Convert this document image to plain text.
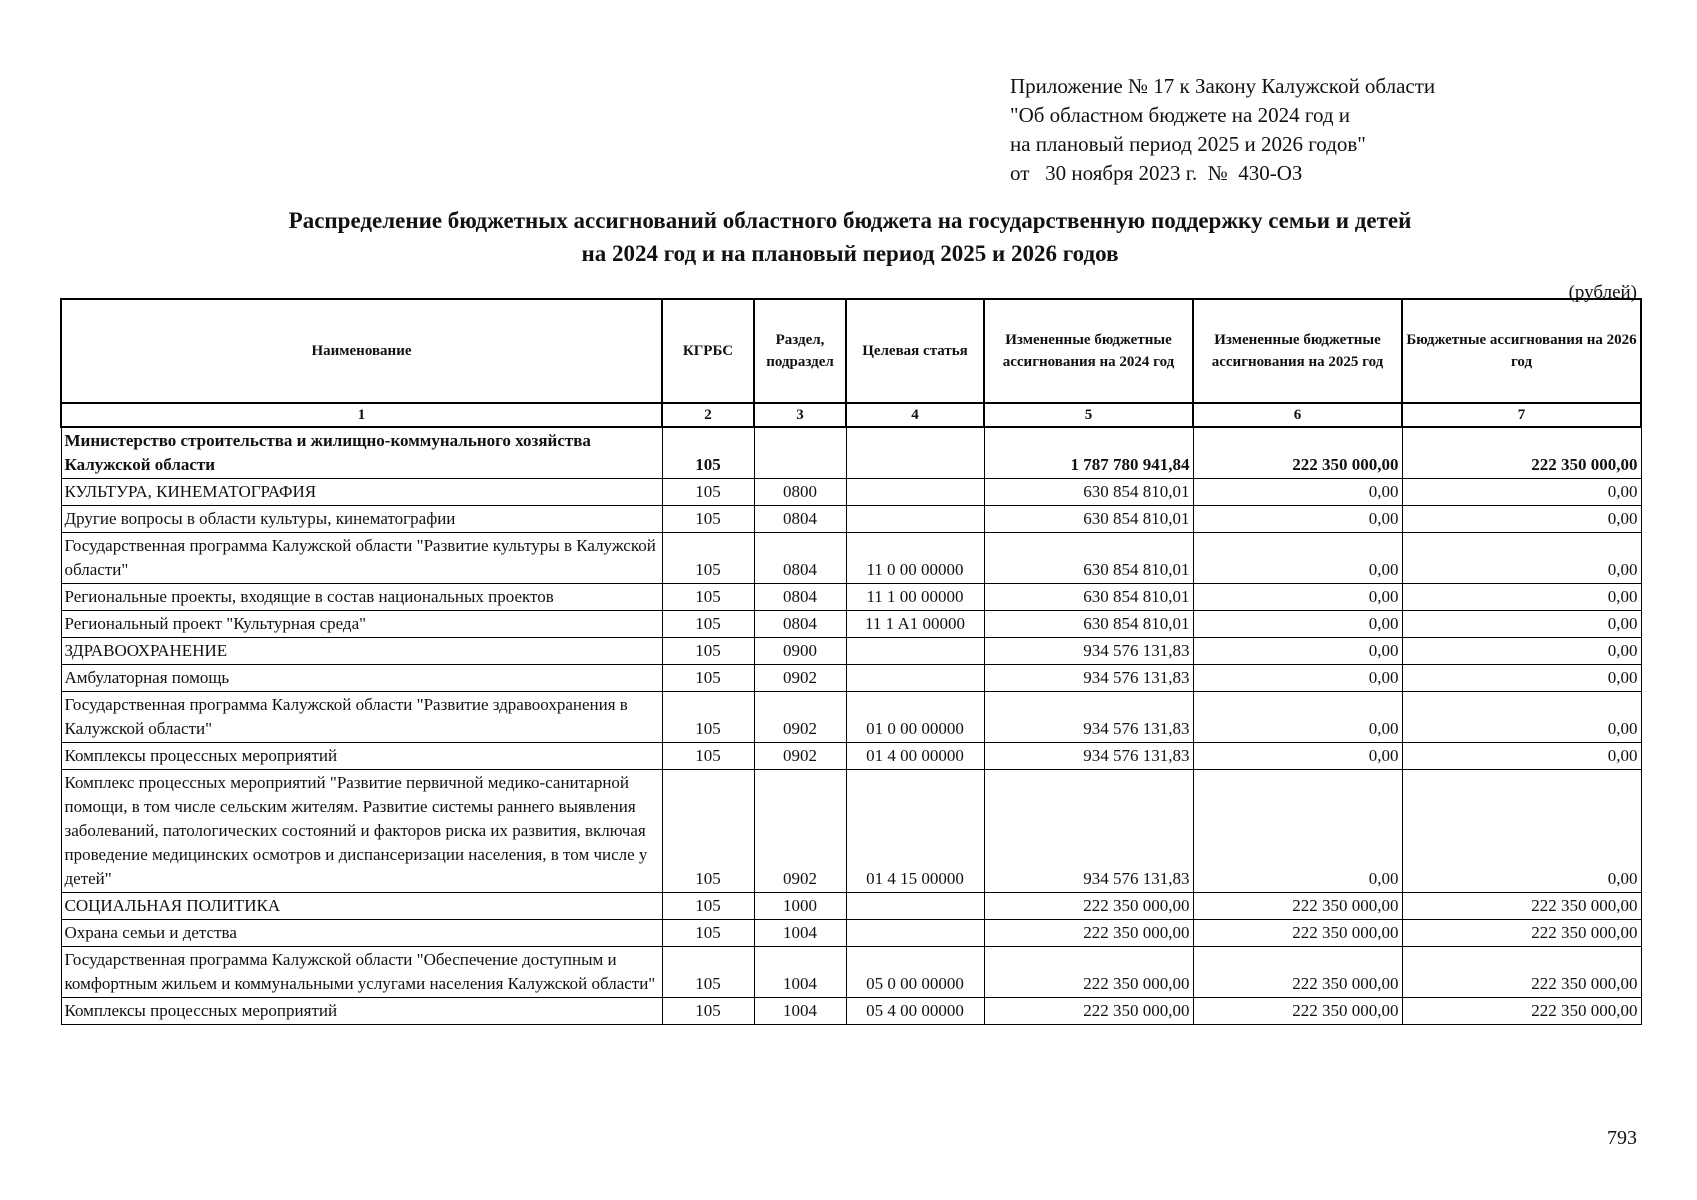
Приложение № 17 к Закону Калужской области
"Об областном бюджете на 2024 год и
на плановый период 2025 и 2026 годов"
от   30 ноября 2023 г.  №  430-ОЗ
Распределение бюджетных ассигнований областного бюджета на государственную поддержку семьи и детей
на 2024 год и на плановый период 2025 и 2026 годов
(рублей)
Наименование	КГРБС	Раздел, подраздел	Целевая статья	Измененные бюджетные ассигнования на 2024 год	Измененные бюджетные ассигнования на 2025 год	Бюджетные ассигнования на 2026 год
1	2	3	4	5	6	7
Министерство строительства и жилищно-коммунального хозяйства Калужской области	105			1 787 780 941,84	222 350 000,00	222 350 000,00
КУЛЬТУРА, КИНЕМАТОГРАФИЯ	105	0800		630 854 810,01	0,00	0,00
Другие вопросы в области культуры, кинематографии	105	0804		630 854 810,01	0,00	0,00
Государственная программа Калужской области "Развитие культуры в Калужской области"	105	0804	11 0 00 00000	630 854 810,01	0,00	0,00
Региональные проекты, входящие в состав национальных проектов	105	0804	11 1 00 00000	630 854 810,01	0,00	0,00
Региональный проект "Культурная среда"	105	0804	11 1 A1 00000	630 854 810,01	0,00	0,00
ЗДРАВООХРАНЕНИЕ	105	0900		934 576 131,83	0,00	0,00
Амбулаторная помощь	105	0902		934 576 131,83	0,00	0,00
Государственная программа Калужской области "Развитие здравоохранения в Калужской области"	105	0902	01 0 00 00000	934 576 131,83	0,00	0,00
Комплексы процессных мероприятий	105	0902	01 4 00 00000	934 576 131,83	0,00	0,00
Комплекс процессных мероприятий "Развитие первичной медико-санитарной помощи, в том числе сельским жителям. Развитие системы раннего выявления заболеваний, патологических состояний и факторов риска их развития, включая проведение медицинских осмотров и диспансеризации населения, в том числе у детей"	105	0902	01 4 15 00000	934 576 131,83	0,00	0,00
СОЦИАЛЬНАЯ ПОЛИТИКА	105	1000		222 350 000,00	222 350 000,00	222 350 000,00
Охрана семьи и детства	105	1004		222 350 000,00	222 350 000,00	222 350 000,00
Государственная программа Калужской области "Обеспечение доступным и комфортным жильем и коммунальными услугами населения Калужской области"	105	1004	05 0 00 00000	222 350 000,00	222 350 000,00	222 350 000,00
Комплексы процессных мероприятий	105	1004	05 4 00 00000	222 350 000,00	222 350 000,00	222 350 000,00
793
